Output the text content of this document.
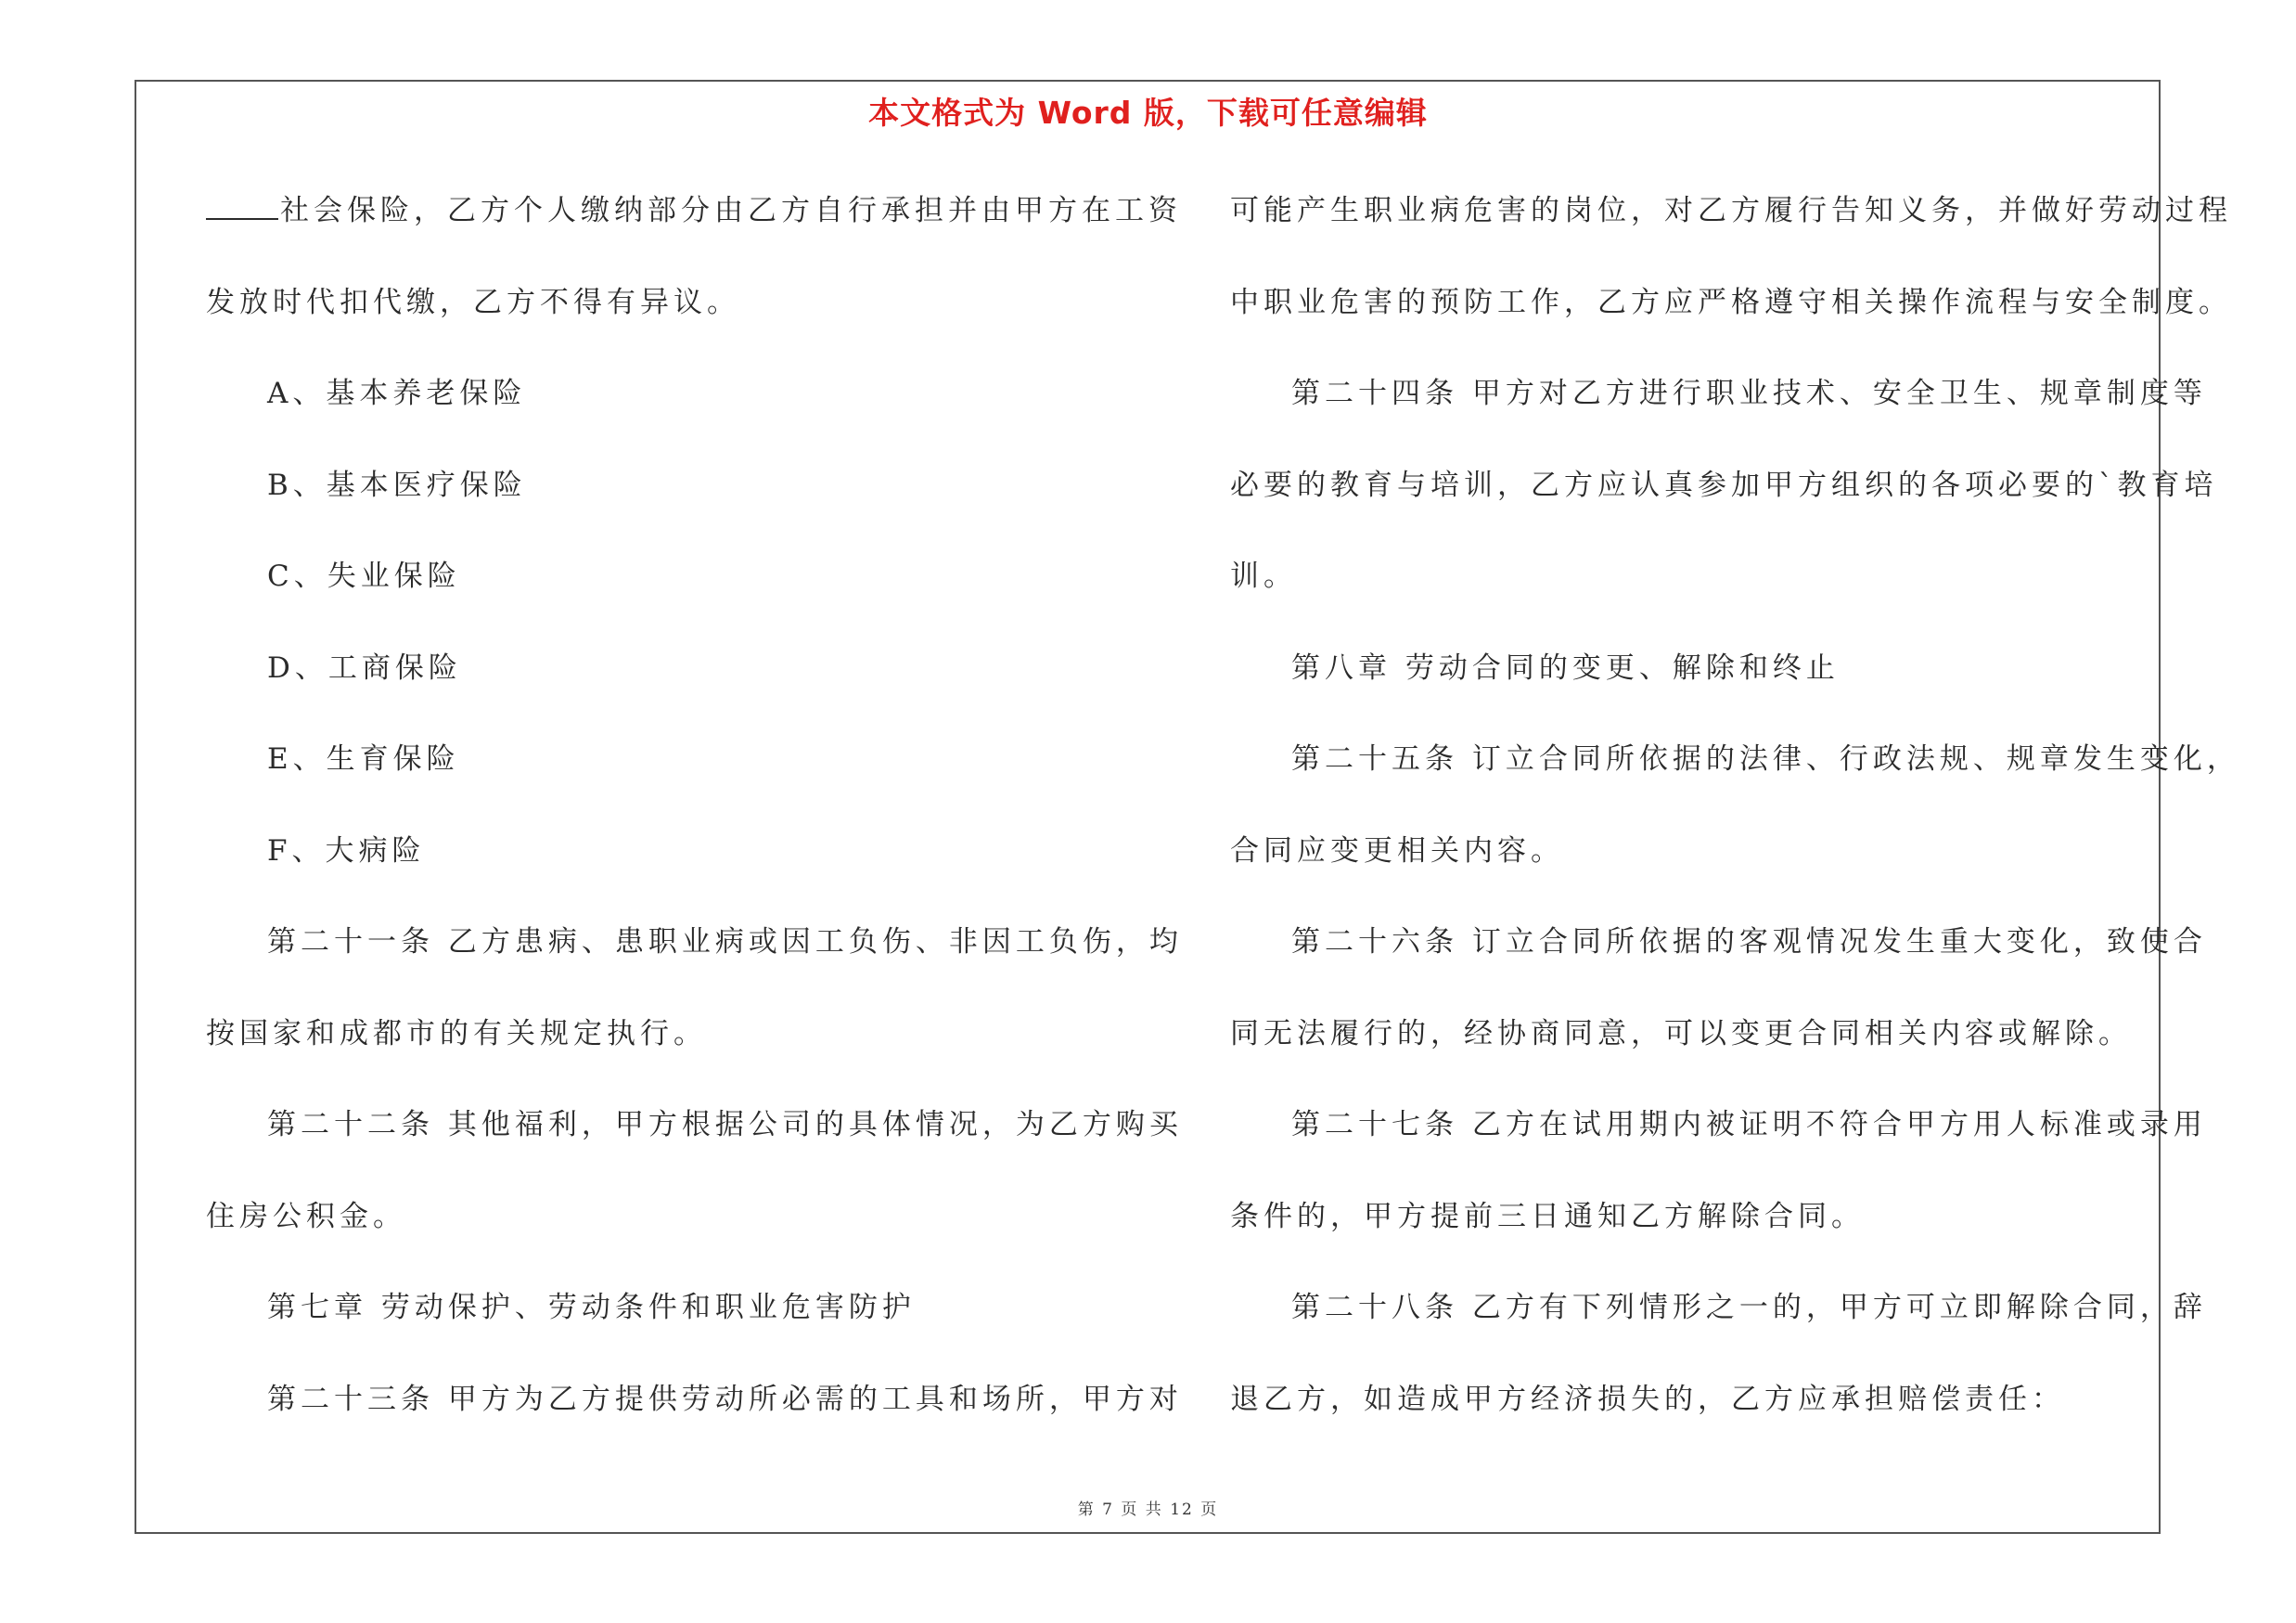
本文格式为 Word 版，下载可任意编辑
社会保险，乙方个人缴纳部分由乙方自行承担并由甲方在工资
发放时代扣代缴，乙方不得有异议。
A、基本养老保险
B、基本医疗保险
C、失业保险
D、工商保险
E、生育保险
F、大病险
第二十一条 乙方患病、患职业病或因工负伤、非因工负伤，均
按国家和成都市的有关规定执行。
第二十二条 其他福利，甲方根据公司的具体情况，为乙方购买
住房公积金。
第七章 劳动保护、劳动条件和职业危害防护
第二十三条 甲方为乙方提供劳动所必需的工具和场所，甲方对
可能产生职业病危害的岗位，对乙方履行告知义务，并做好劳动过程
中职业危害的预防工作，乙方应严格遵守相关操作流程与安全制度。
第二十四条 甲方对乙方进行职业技术、安全卫生、规章制度等
必要的教育与培训，乙方应认真参加甲方组织的各项必要的`教育培
训。
第八章 劳动合同的变更、解除和终止
第二十五条 订立合同所依据的法律、行政法规、规章发生变化，
合同应变更相关内容。
第二十六条 订立合同所依据的客观情况发生重大变化，致使合
同无法履行的，经协商同意，可以变更合同相关内容或解除。
第二十七条 乙方在试用期内被证明不符合甲方用人标准或录用
条件的，甲方提前三日通知乙方解除合同。
第二十八条 乙方有下列情形之一的，甲方可立即解除合同，辞
退乙方，如造成甲方经济损失的，乙方应承担赔偿责任：
第 7 页 共 12 页
